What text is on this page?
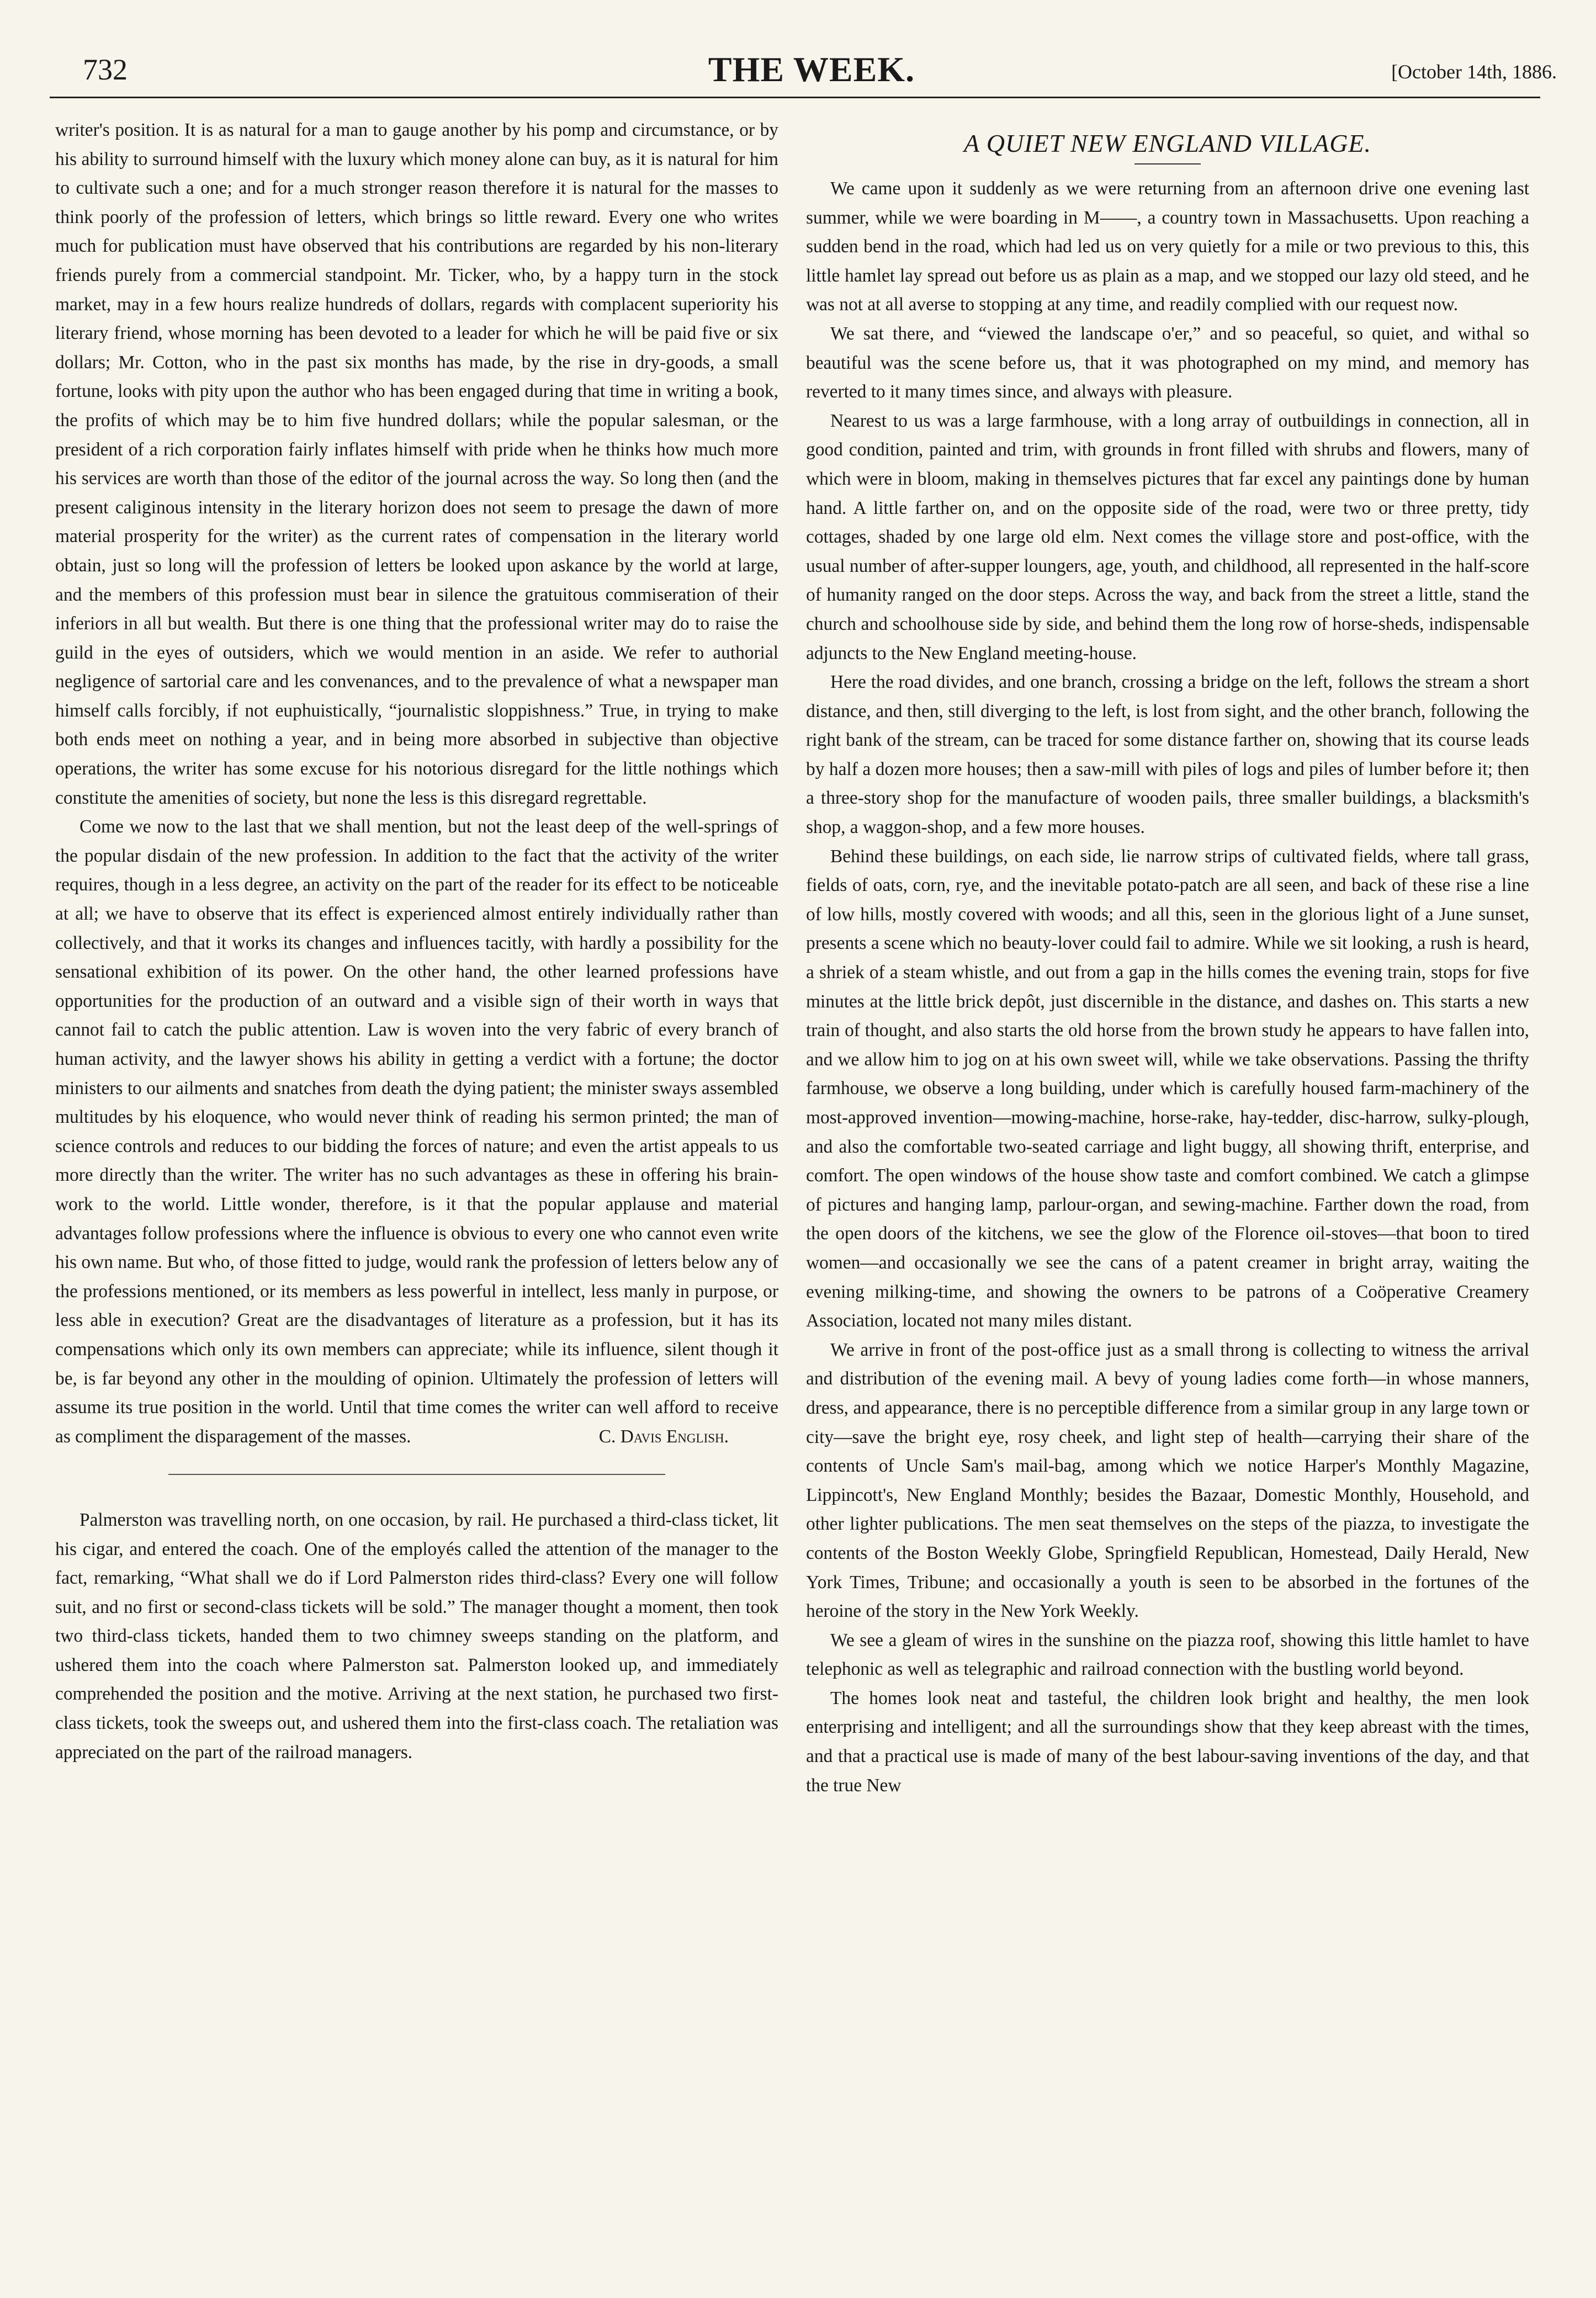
732	THE WEEK.	[October 14th, 1886.

writer's position. It is as natural for a man to gauge another by his pomp and circumstance, or by his ability to surround himself with the luxury which money alone can buy, as it is natural for him to cultivate such a one; and for a much stronger reason therefore it is natural for the masses to think poorly of the profession of letters, which brings so little reward. Every one who writes much for publication must have observed that his contributions are regarded by his non-literary friends purely from a commercial standpoint. Mr. Ticker, who, by a happy turn in the stock market, may in a few hours realize hundreds of dollars, regards with complacent superiority his literary friend, whose morning has been devoted to a leader for which he will be paid five or six dollars; Mr. Cotton, who in the past six months has made, by the rise in dry-goods, a small fortune, looks with pity upon the author who has been engaged during that time in writing a book, the profits of which may be to him five hundred dollars; while the popular salesman, or the president of a rich corporation fairly inflates himself with pride when he thinks how much more his services are worth than those of the editor of the journal across the way. So long then (and the present caliginous intensity in the literary horizon does not seem to presage the dawn of more material prosperity for the writer) as the current rates of compensation in the literary world obtain, just so long will the profession of letters be looked upon askance by the world at large, and the members of this profession must bear in silence the gratuitous commiseration of their inferiors in all but wealth. But there is one thing that the professional writer may do to raise the guild in the eyes of outsiders, which we would mention in an aside. We refer to authorial negligence of sartorial care and les convenances, and to the prevalence of what a newspaper man himself calls forcibly, if not euphuistically, “journalistic sloppishness.” True, in trying to make both ends meet on nothing a year, and in being more absorbed in subjective than objective operations, the writer has some excuse for his notorious disregard for the little nothings which constitute the amenities of society, but none the less is this disregard regrettable.

Come we now to the last that we shall mention, but not the least deep of the well-springs of the popular disdain of the new profession. In addition to the fact that the activity of the writer requires, though in a less degree, an activity on the part of the reader for its effect to be noticeable at all; we have to observe that its effect is experienced almost entirely individually rather than collectively, and that it works its changes and influences tacitly, with hardly a possibility for the sensational exhibition of its power. On the other hand, the other learned professions have opportunities for the production of an outward and a visible sign of their worth in ways that cannot fail to catch the public attention. Law is woven into the very fabric of every branch of human activity, and the lawyer shows his ability in getting a verdict with a fortune; the doctor ministers to our ailments and snatches from death the dying patient; the minister sways assembled multitudes by his eloquence, who would never think of reading his sermon printed; the man of science controls and reduces to our bidding the forces of nature; and even the artist appeals to us more directly than the writer. The writer has no such advantages as these in offering his brain-work to the world. Little wonder, therefore, is it that the popular applause and material advantages follow professions where the influence is obvious to every one who cannot even write his own name. But who, of those fitted to judge, would rank the profession of letters below any of the professions mentioned, or its members as less powerful in intellect, less manly in purpose, or less able in execution? Great are the disadvantages of literature as a profession, but it has its compensations which only its own members can appreciate; while its influence, silent though it be, is far beyond any other in the moulding of opinion. Ultimately the profession of letters will assume its true position in the world. Until that time comes the writer can well afford to receive as compliment the disparagement of the masses.	C. Davis English.

Palmerston was travelling north, on one occasion, by rail. He purchased a third-class ticket, lit his cigar, and entered the coach. One of the employés called the attention of the manager to the fact, remarking, “What shall we do if Lord Palmerston rides third-class? Every one will follow suit, and no first or second-class tickets will be sold.” The manager thought a moment, then took two third-class tickets, handed them to two chimney sweeps standing on the platform, and ushered them into the coach where Palmerston sat. Palmerston looked up, and immediately comprehended the position and the motive. Arriving at the next station, he purchased two first-class tickets, took the sweeps out, and ushered them into the first-class coach. The retaliation was appreciated on the part of the railroad managers.

A QUIET NEW ENGLAND VILLAGE.

We came upon it suddenly as we were returning from an afternoon drive one evening last summer, while we were boarding in M——, a country town in Massachusetts. Upon reaching a sudden bend in the road, which had led us on very quietly for a mile or two previous to this, this little hamlet lay spread out before us as plain as a map, and we stopped our lazy old steed, and he was not at all averse to stopping at any time, and readily complied with our request now.

We sat there, and “viewed the landscape o'er,” and so peaceful, so quiet, and withal so beautiful was the scene before us, that it was photographed on my mind, and memory has reverted to it many times since, and always with pleasure.

Nearest to us was a large farmhouse, with a long array of outbuildings in connection, all in good condition, painted and trim, with grounds in front filled with shrubs and flowers, many of which were in bloom, making in themselves pictures that far excel any paintings done by human hand. A little farther on, and on the opposite side of the road, were two or three pretty, tidy cottages, shaded by one large old elm. Next comes the village store and post-office, with the usual number of after-supper loungers, age, youth, and childhood, all represented in the half-score of humanity ranged on the door steps. Across the way, and back from the street a little, stand the church and schoolhouse side by side, and behind them the long row of horse-sheds, indispensable adjuncts to the New England meeting-house.

Here the road divides, and one branch, crossing a bridge on the left, follows the stream a short distance, and then, still diverging to the left, is lost from sight, and the other branch, following the right bank of the stream, can be traced for some distance farther on, showing that its course leads by half a dozen more houses; then a saw-mill with piles of logs and piles of lumber before it; then a three-story shop for the manufacture of wooden pails, three smaller buildings, a blacksmith's shop, a waggon-shop, and a few more houses.

Behind these buildings, on each side, lie narrow strips of cultivated fields, where tall grass, fields of oats, corn, rye, and the inevitable potato-patch are all seen, and back of these rise a line of low hills, mostly covered with woods; and all this, seen in the glorious light of a June sunset, presents a scene which no beauty-lover could fail to admire. While we sit looking, a rush is heard, a shriek of a steam whistle, and out from a gap in the hills comes the evening train, stops for five minutes at the little brick depôt, just discernible in the distance, and dashes on. This starts a new train of thought, and also starts the old horse from the brown study he appears to have fallen into, and we allow him to jog on at his own sweet will, while we take observations. Passing the thrifty farmhouse, we observe a long building, under which is carefully housed farm-machinery of the most-approved invention—mowing-machine, horse-rake, hay-tedder, disc-harrow, sulky-plough, and also the comfortable two-seated carriage and light buggy, all showing thrift, enterprise, and comfort. The open windows of the house show taste and comfort combined. We catch a glimpse of pictures and hanging lamp, parlour-organ, and sewing-machine. Farther down the road, from the open doors of the kitchens, we see the glow of the Florence oil-stoves—that boon to tired women—and occasionally we see the cans of a patent creamer in bright array, waiting the evening milking-time, and showing the owners to be patrons of a Coöperative Creamery Association, located not many miles distant.

We arrive in front of the post-office just as a small throng is collecting to witness the arrival and distribution of the evening mail. A bevy of young ladies come forth—in whose manners, dress, and appearance, there is no perceptible difference from a similar group in any large town or city—save the bright eye, rosy cheek, and light step of health—carrying their share of the contents of Uncle Sam's mail-bag, among which we notice Harper's Monthly Magazine, Lippincott's, New England Monthly; besides the Bazaar, Domestic Monthly, Household, and other lighter publications. The men seat themselves on the steps of the piazza, to investigate the contents of the Boston Weekly Globe, Springfield Republican, Homestead, Daily Herald, New York Times, Tribune; and occasionally a youth is seen to be absorbed in the fortunes of the heroine of the story in the New York Weekly.

We see a gleam of wires in the sunshine on the piazza roof, showing this little hamlet to have telephonic as well as telegraphic and railroad connection with the bustling world beyond.

The homes look neat and tasteful, the children look bright and healthy, the men look enterprising and intelligent; and all the surroundings show that they keep abreast with the times, and that a practical use is made of many of the best labour-saving inventions of the day, and that the true New
